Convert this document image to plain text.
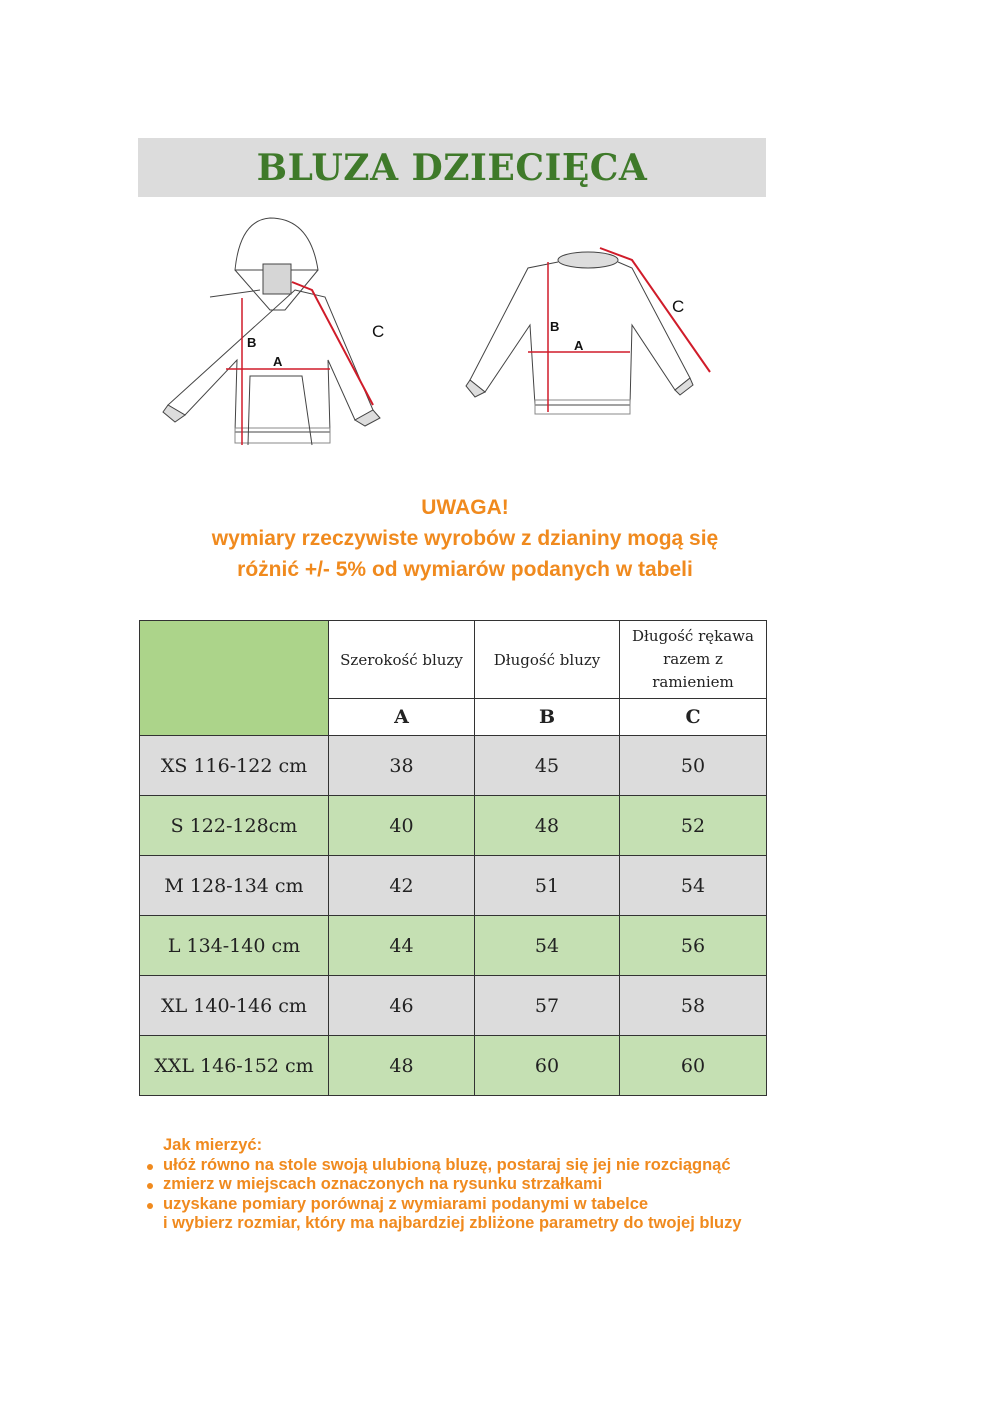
BLUZA DZIECIĘCA
B
A
C	B
A
C
UWAGA!
wymiary rzeczywiste wyrobów z dzianiny mogą się
różnić +/- 5% od wymiarów podanych w tabeli
	Szerokość bluzy	Długość bluzy	Długość rękawa razem z ramieniem
	A	B	C
XS 116-122 cm	38	45	50
S 122-128cm	40	48	52
M 128-134 cm	42	51	54
L 134-140 cm	44	54	56
XL 140-146 cm	46	57	58
XXL 146-152 cm	48	60	60
Jak mierzyć:
ułóż równo na stole swoją ulubioną bluzę, postaraj się jej nie rozciągnąć
zmierz w miejscach oznaczonych na rysunku strzałkami
uzyskane pomiary porównaj z wymiarami podanymi w tabelce
i wybierz rozmiar, który ma najbardziej zbliżone parametry do twojej bluzy
